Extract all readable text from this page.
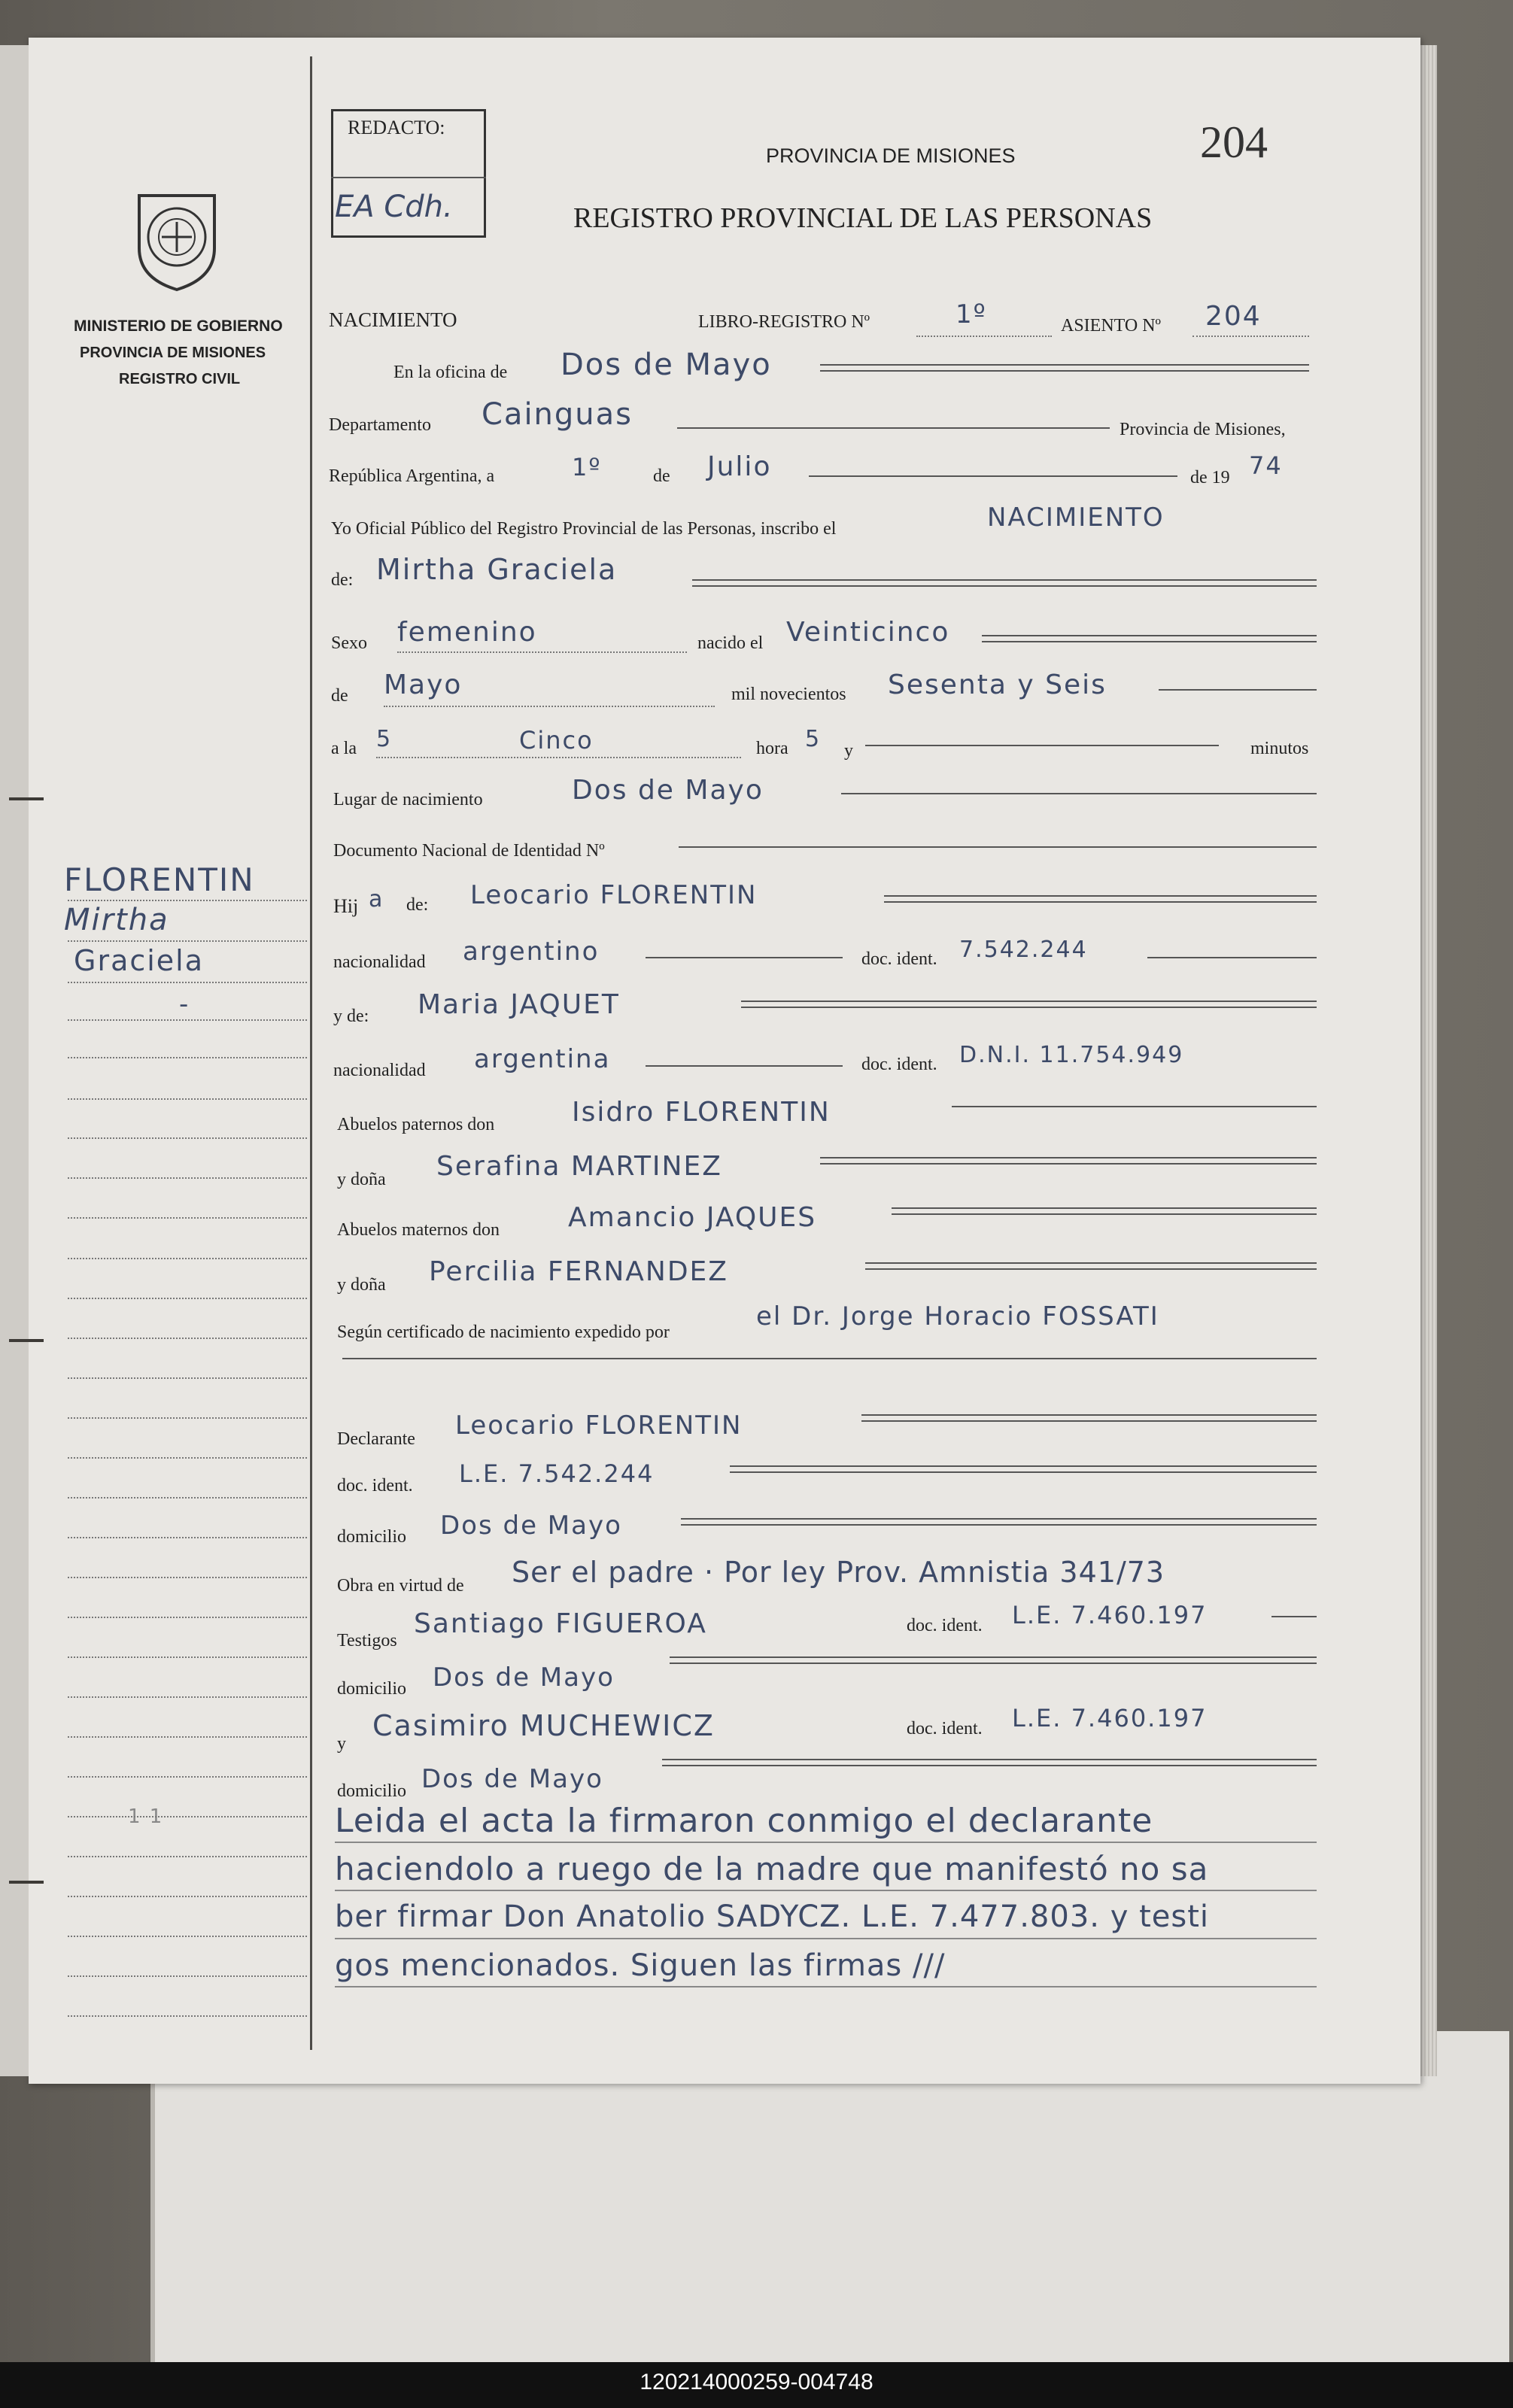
MINISTERIO DE GOBIERNO
PROVINCIA DE MISIONES
REGISTRO CIVIL
FLORENTIN
Mirtha
Graciela
-
1 1
REDACTO:
EA Cdh.
204
PROVINCIA DE MISIONES
REGISTRO PROVINCIAL DE LAS PERSONAS
NACIMIENTO	LIBRO-REGISTRO Nº	1º	ASIENTO Nº 204
En la oficina de Dos de Mayo
Departamento Cainguas	Provincia de Misiones,
República Argentina, a	1º	de Julio	de 19 74
Yo Oficial Público del Registro Provincial de las Personas, inscribo el	NACIMIENTO
de: Mirtha Graciela
Sexo femenino	nacido el Veinticinco
de Mayo	mil novecientos Sesenta y Seis
a la 5	Cinco	hora 5 y	minutos
Lugar de nacimiento	Dos de Mayo
Documento Nacional de Identidad Nº
Hij a de: Leocario FLORENTIN
nacionalidad argentino	doc. ident. 7.542.244
y de: Maria JAQUET
nacionalidad argentina	doc. ident. D.N.I. 11.754.949
Abuelos paternos don	Isidro FLORENTIN
y doña Serafina MARTINEZ
Abuelos maternos don	Amancio JAQUES
y doña Percilia FERNANDEZ
Según certificado de nacimiento expedido por
el Dr. Jorge Horacio FOSSATI
Declarante Leocario FLORENTIN
doc. ident. L.E. 7.542.244
domicilio Dos de Mayo
Obra en virtud de Ser el padre · Por ley Prov. Amnistia 341/73
Testigos
Santiago FIGUEROA	doc. ident. L.E. 7.460.197
domicilio Dos de Mayo
y
Casimiro MUCHEWICZ	doc. ident. L.E. 7.460.197
domicilio Dos de Mayo
Leida el acta la firmaron conmigo el declarante
haciendolo a ruego de la madre que manifestó no sa
ber firmar Don Anatolio SADYCZ. L.E. 7.477.803. y testi
gos mencionados. Siguen las firmas ///
120214000259-004748
